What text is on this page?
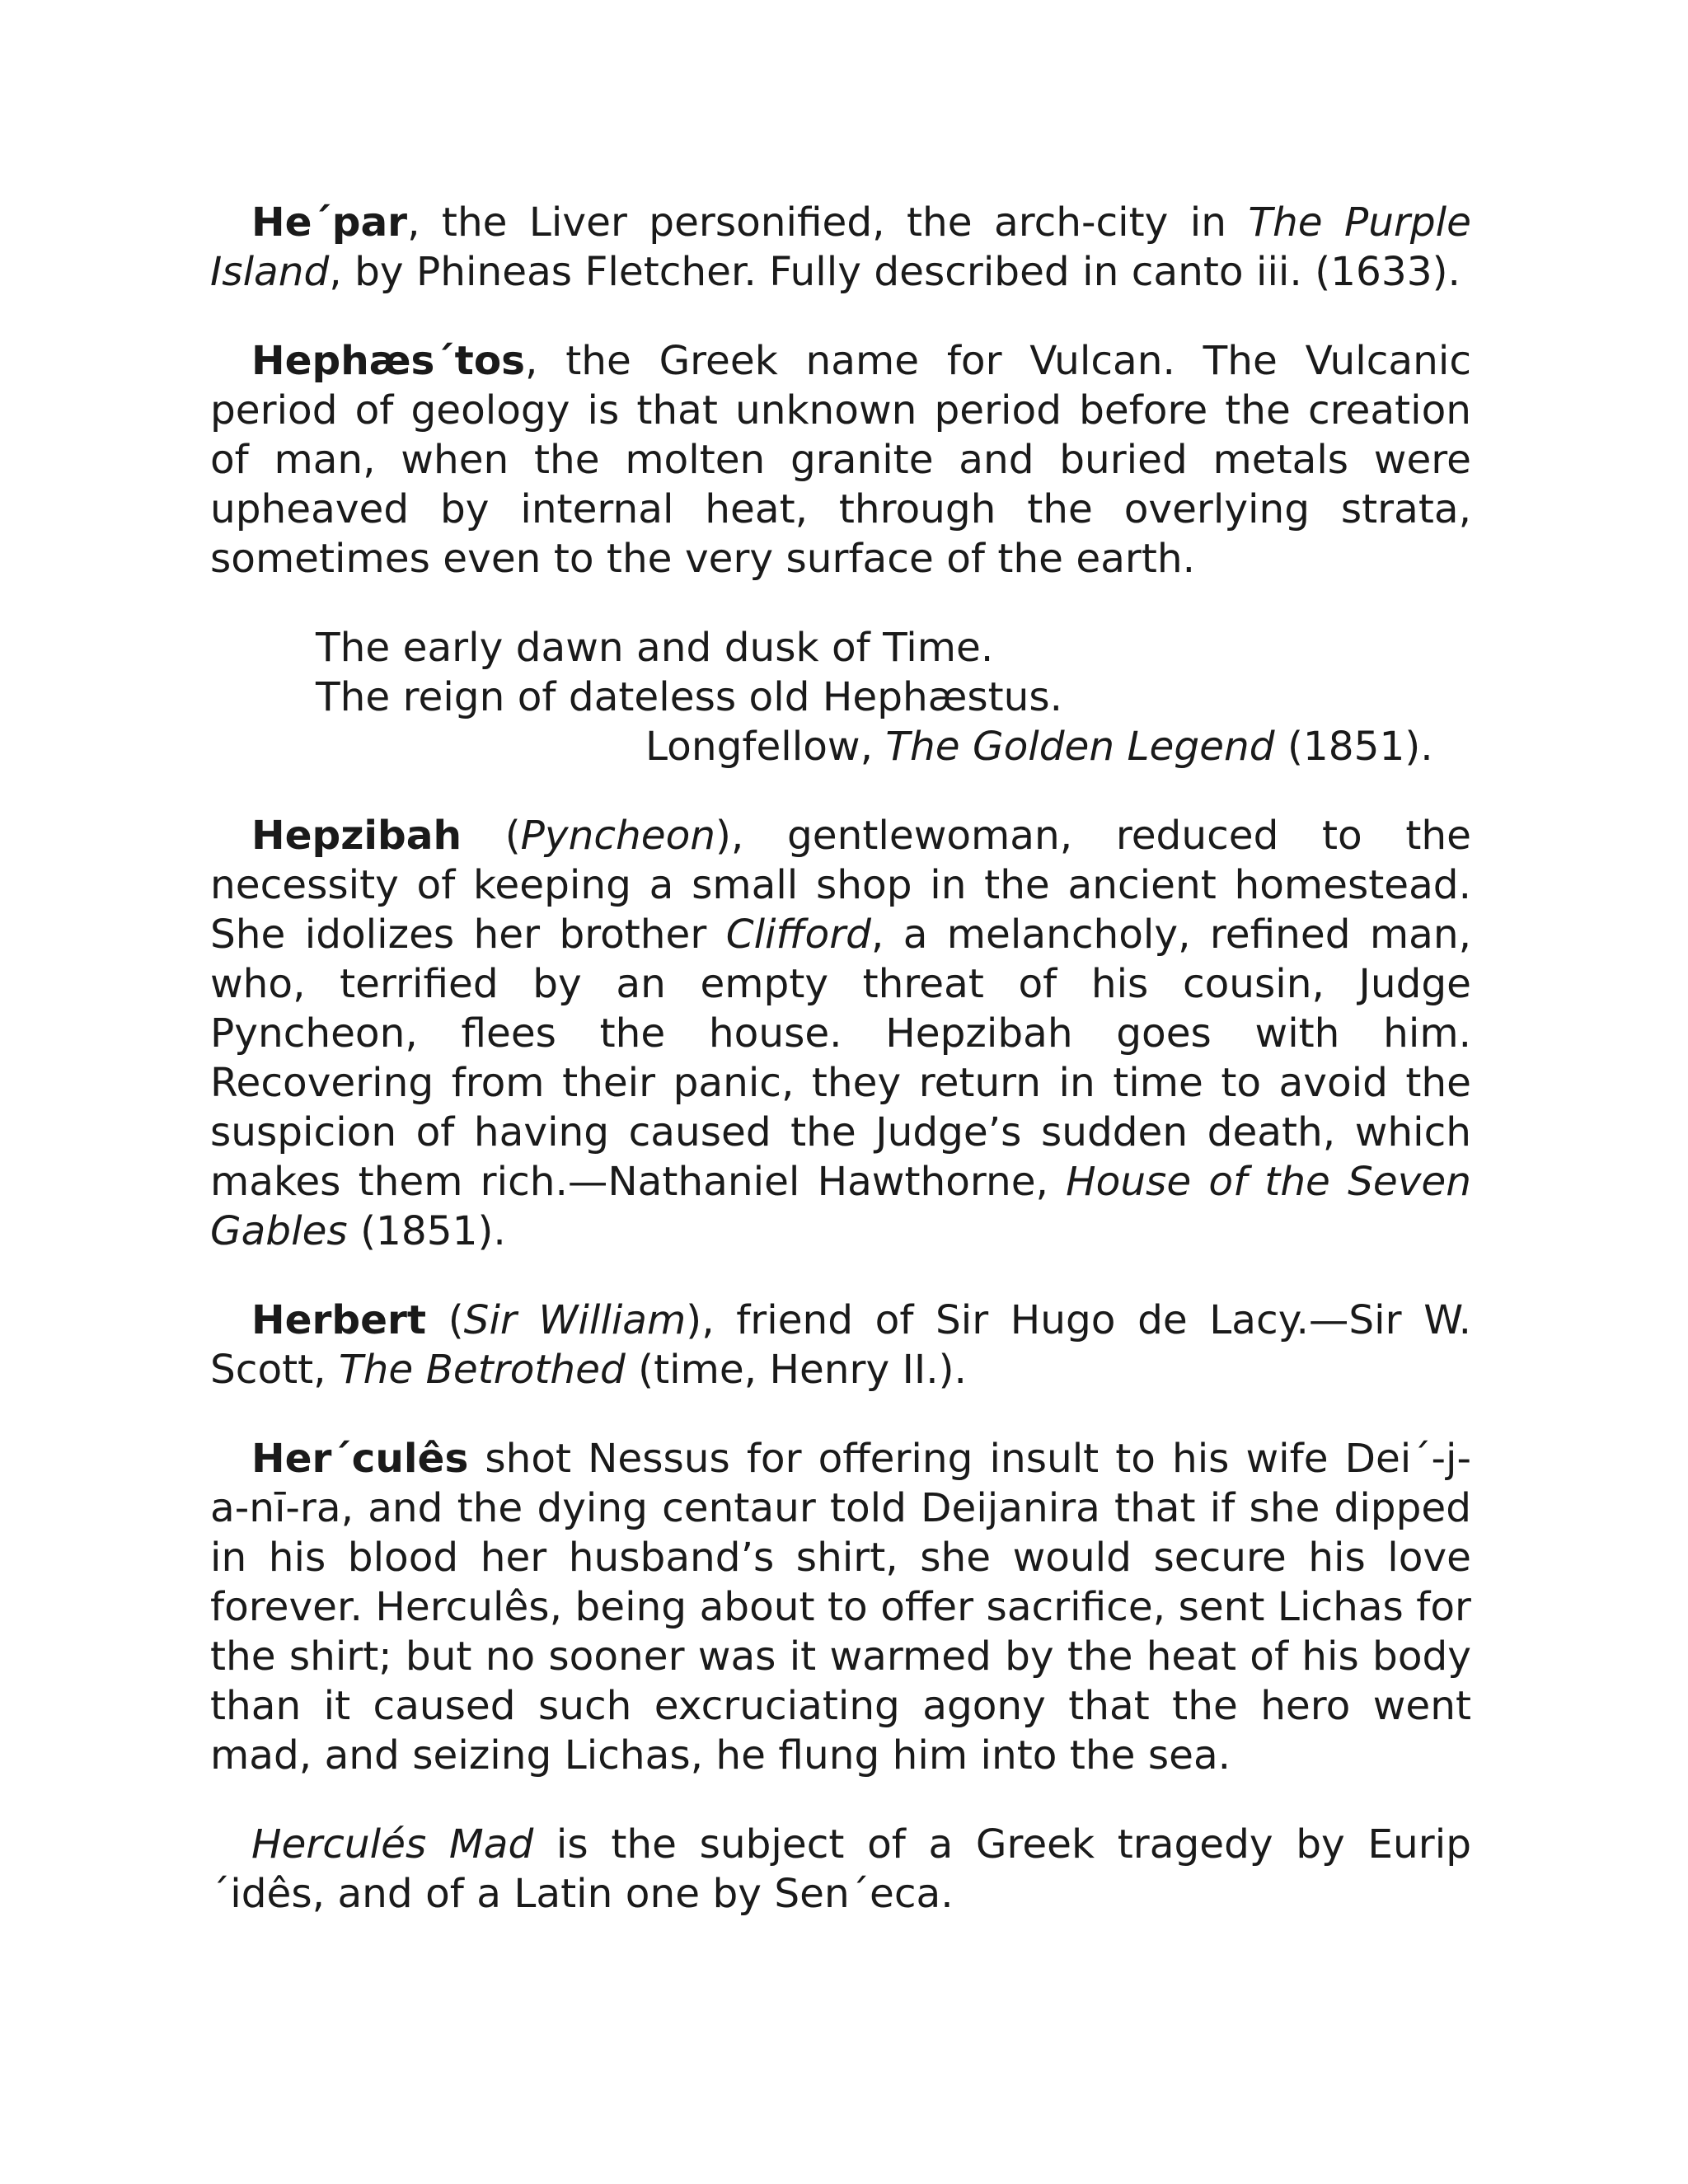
He´par, the Liver personified, the arch-city in The Purple Island, by Phineas Fletcher. Fully described in canto iii. (1633).

Hephæs´tos, the Greek name for Vulcan. The Vulcanic period of geology is that unknown period before the creation of man, when the molten granite and buried metals were upheaved by internal heat, through the overlying strata, sometimes even to the very surface of the earth.

The early dawn and dusk of Time.
The reign of dateless old Hephæstus.
Longfellow, The Golden Legend (1851).

Hepzibah (Pyncheon), gentlewoman, reduced to the necessity of keeping a small shop in the ancient homestead. She idolizes her brother Clifford, a melancholy, refined man, who, terrified by an empty threat of his cousin, Judge Pyncheon, flees the house. Hepzibah goes with him. Recovering from their panic, they return in time to avoid the suspicion of having caused the Judge’s sudden death, which makes them rich.—Nathaniel Hawthorne, House of the Seven Gables (1851).

Herbert (Sir William), friend of Sir Hugo de Lacy.—Sir W. Scott, The Betrothed (time, Henry II.).

Her´culês shot Nessus for offering insult to his wife Dei´-j-a-nī-ra, and the dying centaur told Deijanira that if she dipped in his blood her husband’s shirt, she would secure his love forever. Herculês, being about to offer sacrifice, sent Lichas for the shirt; but no sooner was it warmed by the heat of his body than it caused such excruciating agony that the hero went mad, and seizing Lichas, he flung him into the sea.

Herculés Mad is the subject of a Greek tragedy by Eurip´idês, and of a Latin one by Sen´eca.
